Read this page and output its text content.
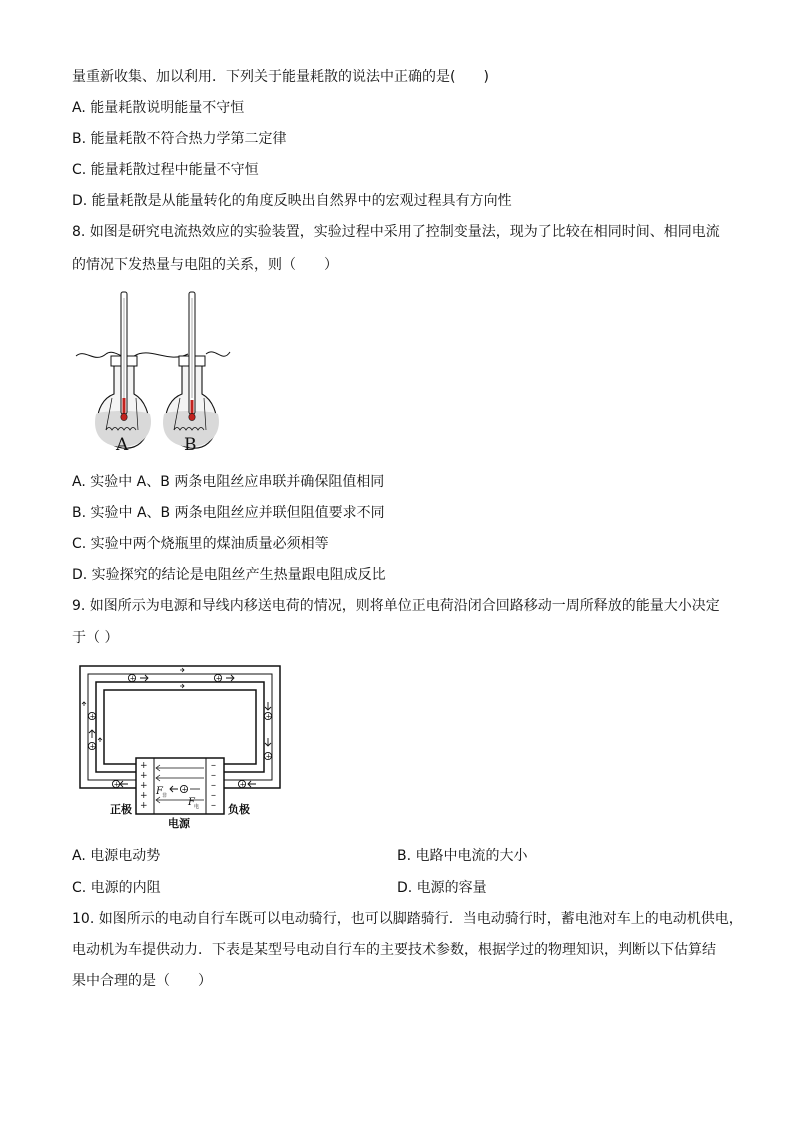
量重新收集、加以利用．下列关于能量耗散的说法中正确的是(　　)
A. 能量耗散说明能量不守恒
B. 能量耗散不符合热力学第二定律
C. 能量耗散过程中能量不守恒
D. 能量耗散是从能量转化的角度反映出自然界中的宏观过程具有方向性
8. 如图是研究电流热效应的实验装置，实验过程中采用了控制变量法，现为了比较在相同时间、相同电流
的情况下发热量与电阻的关系，则（　　）
A	B
A. 实验中 A、B 两条电阻丝应串联并确保阻值相同
B. 实验中 A、B 两条电阻丝应并联但阻值要求不同
C. 实验中两个烧瓶里的煤油质量必须相等
D. 实验探究的结论是电阻丝产生热量跟电阻成反比
9. 如图所示为电源和导线内移送电荷的情况，则将单位正电荷沿闭合回路移动一周所释放的能量大小决定
于（ ）
+	+
+
+
+
+
+	+
+
+
+
+
+
–
–
–
–
–
+
F 非
F 电
正极	负极
电源
A. 电源电动势	B. 电路中电流的大小
C. 电源的内阻	D. 电源的容量
10. 如图所示的电动自行车既可以电动骑行，也可以脚踏骑行．当电动骑行时，蓄电池对车上的电动机供电，
电动机为车提供动力．下表是某型号电动自行车的主要技术参数，根据学过的物理知识，判断以下估算结
果中合理的是（　　）
